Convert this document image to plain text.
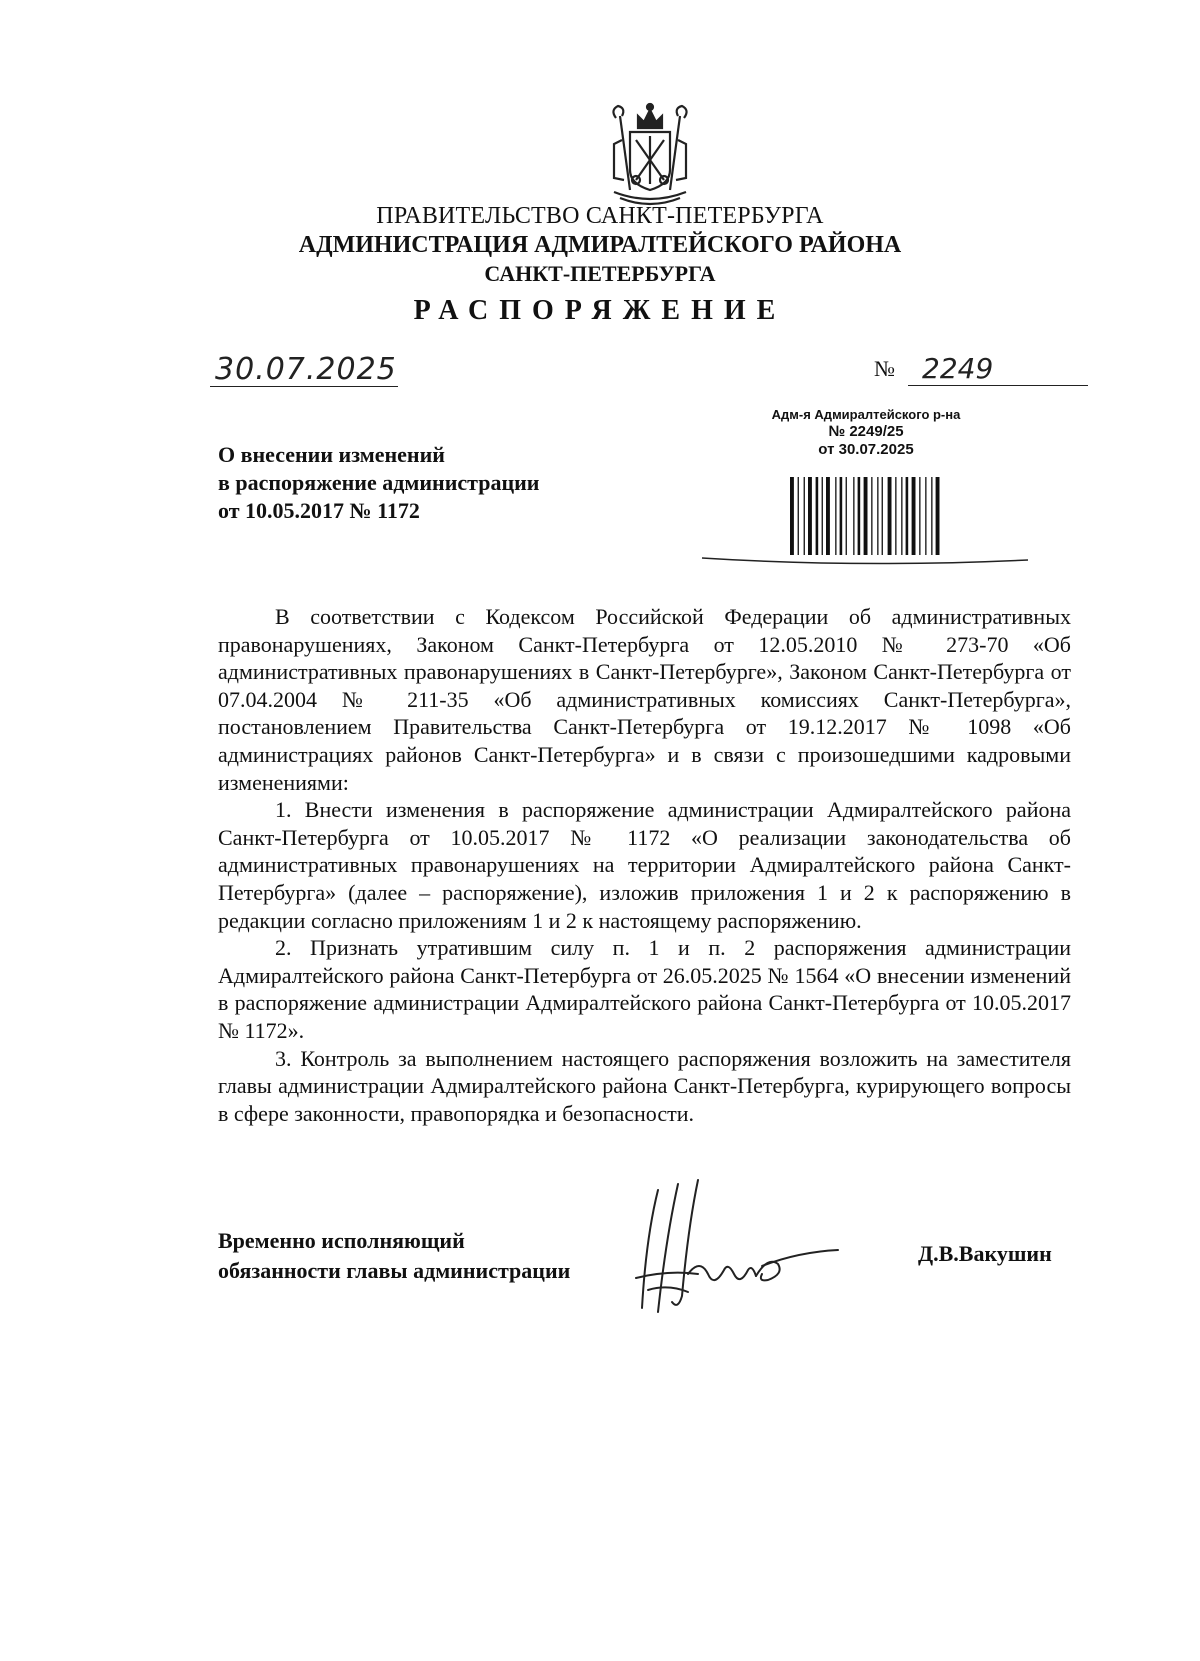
ПРАВИТЕЛЬСТВО САНКТ-ПЕТЕРБУРГА
АДМИНИСТРАЦИЯ АДМИРАЛТЕЙСКОГО РАЙОНА
САНКТ-ПЕТЕРБУРГА
РАСПОРЯЖЕНИЕ
30.07.2025	№ 2249
Адм-я Адмиралтейского р-на
№ 2249/25
от 30.07.2025
О внесении изменений
в распоряжение администрации
от 10.05.2017 № 1172

В соответствии с Кодексом Российской Федерации об административных правонарушениях, Законом Санкт-Петербурга от 12.05.2010 № 273-70 «Об административных правонарушениях в Санкт-Петербурге», Законом Санкт-Петербурга от 07.04.2004 № 211-35 «Об административных комиссиях Санкт-Петербурга», постановлением Правительства Санкт-Петербурга от 19.12.2017 № 1098 «Об администрациях районов Санкт-Петербурга» и в связи с произошедшими кадровыми изменениями:

1. Внести изменения в распоряжение администрации Адмиралтейского района Санкт-Петербурга от 10.05.2017 № 1172 «О реализации законодательства об административных правонарушениях на территории Адмиралтейского района Санкт-Петербурга» (далее – распоряжение), изложив приложения 1 и 2 к распоряжению в редакции согласно приложениям 1 и 2 к настоящему распоряжению.

2. Признать утратившим силу п. 1 и п. 2 распоряжения администрации Адмиралтейского района Санкт-Петербурга от 26.05.2025 № 1564 «О внесении изменений в распоряжение администрации Адмиралтейского района Санкт-Петербурга от 10.05.2017 № 1172».

3. Контроль за выполнением настоящего распоряжения возложить на заместителя главы администрации Адмиралтейского района Санкт-Петербурга, курирующего вопросы в сфере законности, правопорядка и безопасности.

Временно исполняющий
обязанности главы администрации
Д.В.Вакушин
